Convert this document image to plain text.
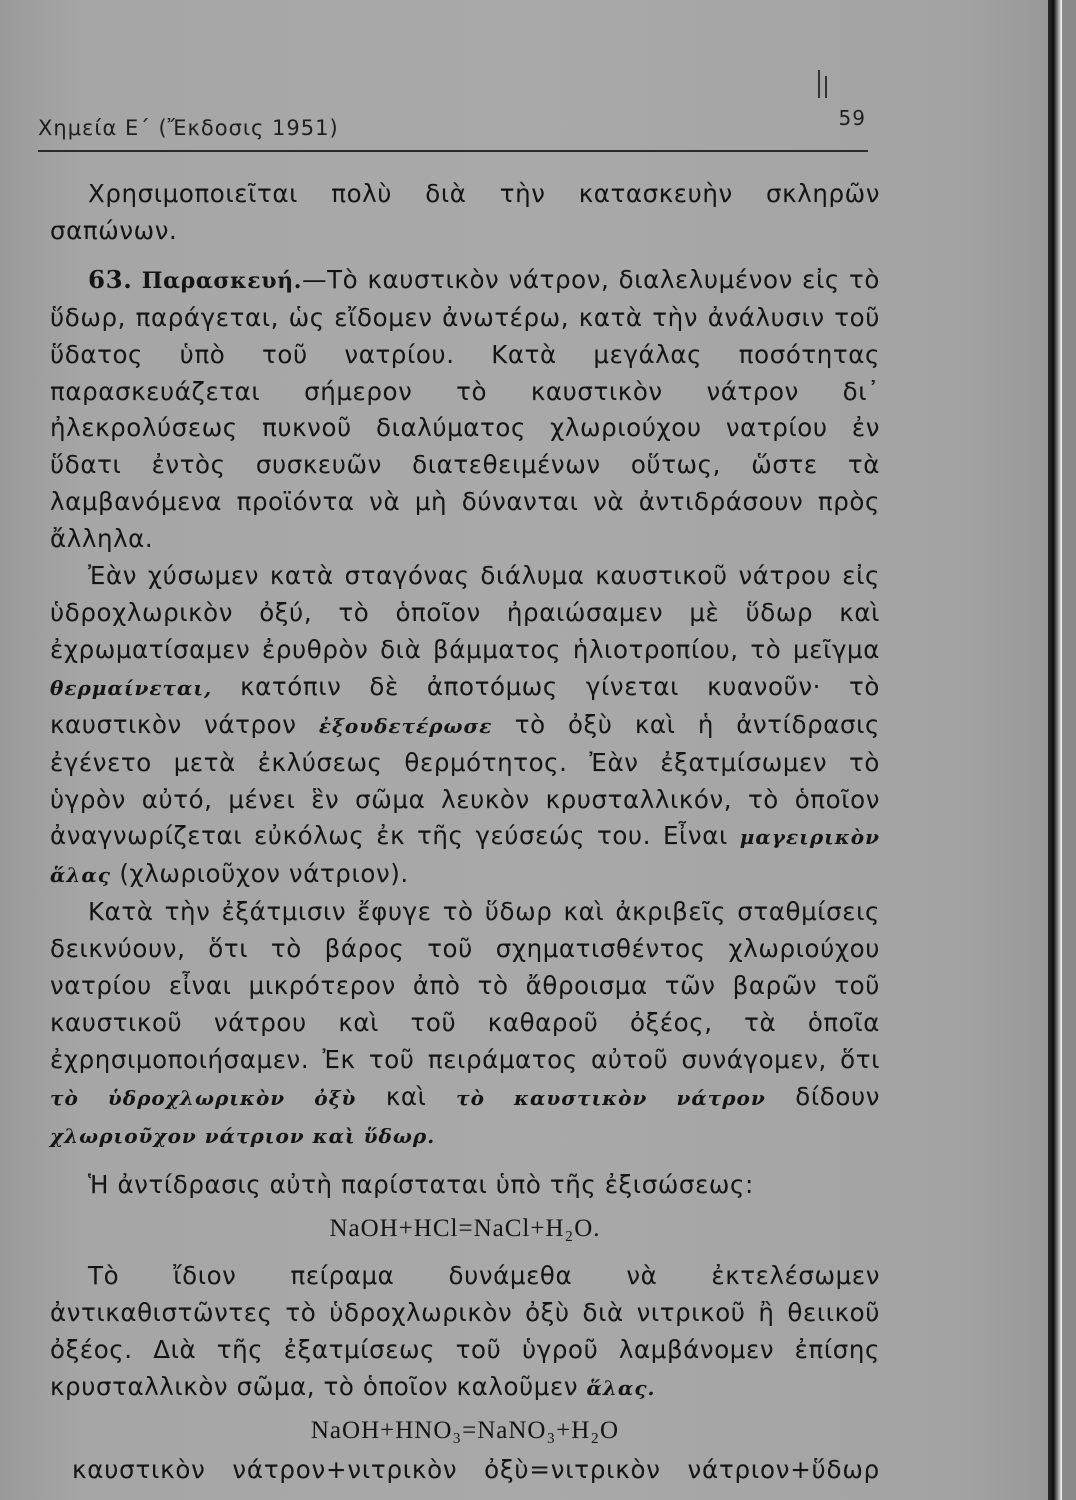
Χημεία Ε΄ (Ἔκδοσις 1951)	59

Χρησιμοποιεῖται πολὺ διὰ τὴν κατασκευὴν σκληρῶν σαπώνων.

63. Παρασκευή.—Τὸ καυστικὸν νάτρον, διαλελυμένον εἰς τὸ ὕδωρ, παράγεται, ὡς εἴδομεν ἀνωτέρω, κατὰ τὴν ἀνάλυσιν τοῦ ὕδατος ὑπὸ τοῦ νατρίου. Κατὰ μεγάλας ποσότητας παρασκευάζεται σήμερον τὸ καυστικὸν νάτρον δι᾿ ἠλεκρολύσεως πυκνοῦ διαλύματος χλωριούχου νατρίου ἐν ὕδατι ἐντὸς συσκευῶν διατεθειμένων οὕτως, ὥστε τὰ λαμβανόμενα προϊόντα νὰ μὴ δύνανται νὰ ἀντιδράσουν πρὸς ἄλληλα.

Ἐὰν χύσωμεν κατὰ σταγόνας διάλυμα καυστικοῦ νάτρου εἰς ὑδροχλωρικὸν ὀξύ, τὸ ὁποῖον ἠραιώσαμεν μὲ ὕδωρ καὶ ἐχρωματίσαμεν ἐρυθρὸν διὰ βάμματος ἡλιοτροπίου, τὸ μεῖγμα θερμαίνεται, κατόπιν δὲ ἀποτόμως γίνεται κυανοῦν· τὸ καυστικὸν νάτρον ἐξουδετέρωσε τὸ ὀξὺ καὶ ἡ ἀντίδρασις ἐγένετο μετὰ ἐκλύσεως θερμότητος. Ἐὰν ἐξατμίσωμεν τὸ ὑγρὸν αὐτό, μένει ἓν σῶμα λευκὸν κρυσταλλικόν, τὸ ὁποῖον ἀναγνωρίζεται εὐκόλως ἐκ τῆς γεύσεώς του. Εἶναι μαγειρικὸν ἅλας (χλωριοῦχον νάτριον).

Κατὰ τὴν ἐξάτμισιν ἔφυγε τὸ ὕδωρ καὶ ἀκριβεῖς σταθμίσεις δεικνύουν, ὅτι τὸ βάρος τοῦ σχηματισθέντος χλωριούχου νατρίου εἶναι μικρότερον ἀπὸ τὸ ἄθροισμα τῶν βαρῶν τοῦ καυστικοῦ νάτρου καὶ τοῦ καθαροῦ ὀξέος, τὰ ὁποῖα ἐχρησιμοποιήσαμεν. Ἐκ τοῦ πειράματος αὐτοῦ συνάγομεν, ὅτι τὸ ὑδροχλωρικὸν ὀξὺ καὶ τὸ καυστικὸν νάτρον δίδουν χλωριοῦχον νάτριον καὶ ὕδωρ.

Ἡ ἀντίδρασις αὐτὴ παρίσταται ὑπὸ τῆς ἐξισώσεως:

NaOH+HCl=NaCl+H₂O.

Τὸ ἴδιον πείραμα δυνάμεθα νὰ ἐκτελέσωμεν ἀντικαθιστῶντες τὸ ὑδροχλωρικὸν ὀξὺ διὰ νιτρικοῦ ἢ θειικοῦ ὀξέος. Διὰ τῆς ἐξατμίσεως τοῦ ὑγροῦ λαμβάνομεν ἐπίσης κρυσταλλικὸν σῶμα, τὸ ὁποῖον καλοῦμεν ἅλας.

NaOH+HNO₃=NaNO₃+H₂O

καυστικὸν νάτρον+νιτρικὸν ὀξὺ=νιτρικὸν νάτριον+ὕδωρ
